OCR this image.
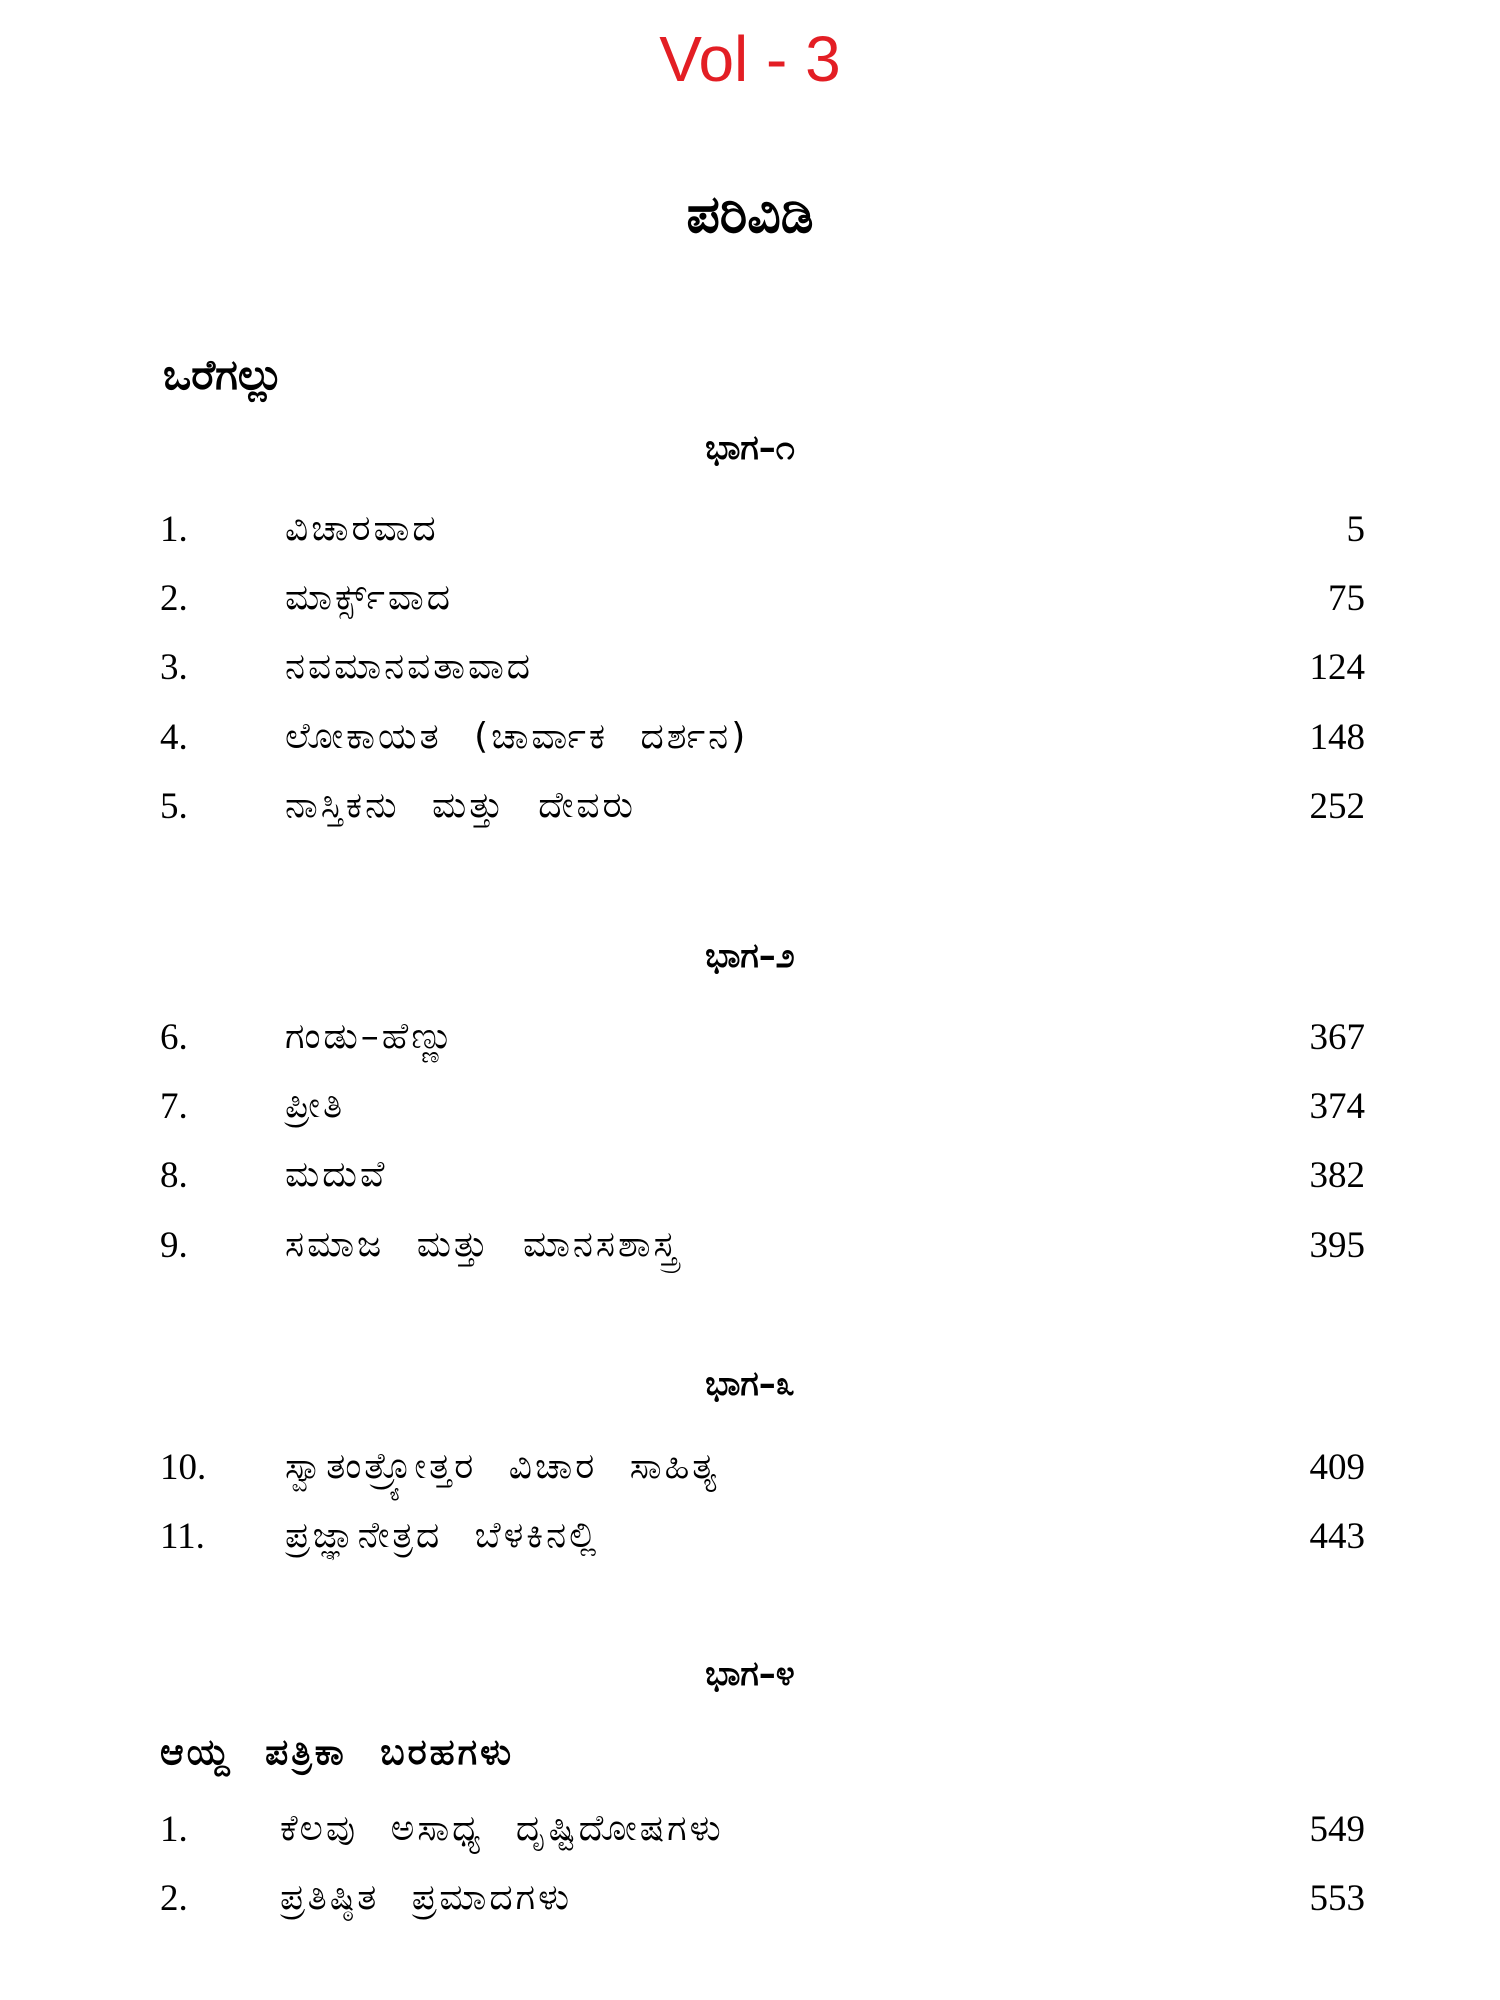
Vol - 3
ಪರಿವಿಡಿ
ಒರೆಗಲ್ಲು
ಭಾಗ–೧
1.	ವಿಚಾರವಾದ	5
2.	ಮಾರ್ಕ್ಸ್‌ವಾದ	75
3.	ನವಮಾನವತಾವಾದ	124
4.	ಲೋಕಾಯತ (ಚಾರ್ವಾಕ ದರ್ಶನ)	148
5.	ನಾಸ್ತಿಕನು ಮತ್ತು ದೇವರು	252
ಭಾಗ–೨
6.	ಗಂಡು–ಹೆಣ್ಣು	367
7.	ಪ್ರೀತಿ	374
8.	ಮದುವೆ	382
9.	ಸಮಾಜ ಮತ್ತು ಮಾನಸಶಾಸ್ತ್ರ	395
ಭಾಗ–೩
10. ಸ್ವಾತಂತ್ರ್ಯೋತ್ತರ ವಿಚಾರ ಸಾಹಿತ್ಯ	409
11. ಪ್ರಜ್ಞಾನೇತ್ರದ ಬೆಳಕಿನಲ್ಲಿ	443
ಭಾಗ–೪
ಆಯ್ದ ಪತ್ರಿಕಾ ಬರಹಗಳು
1.	ಕೆಲವು ಅಸಾಧ್ಯ ದೃಷ್ಟಿದೋಷಗಳು	549
2.	ಪ್ರತಿಷ್ಠಿತ ಪ್ರಮಾದಗಳು	553
